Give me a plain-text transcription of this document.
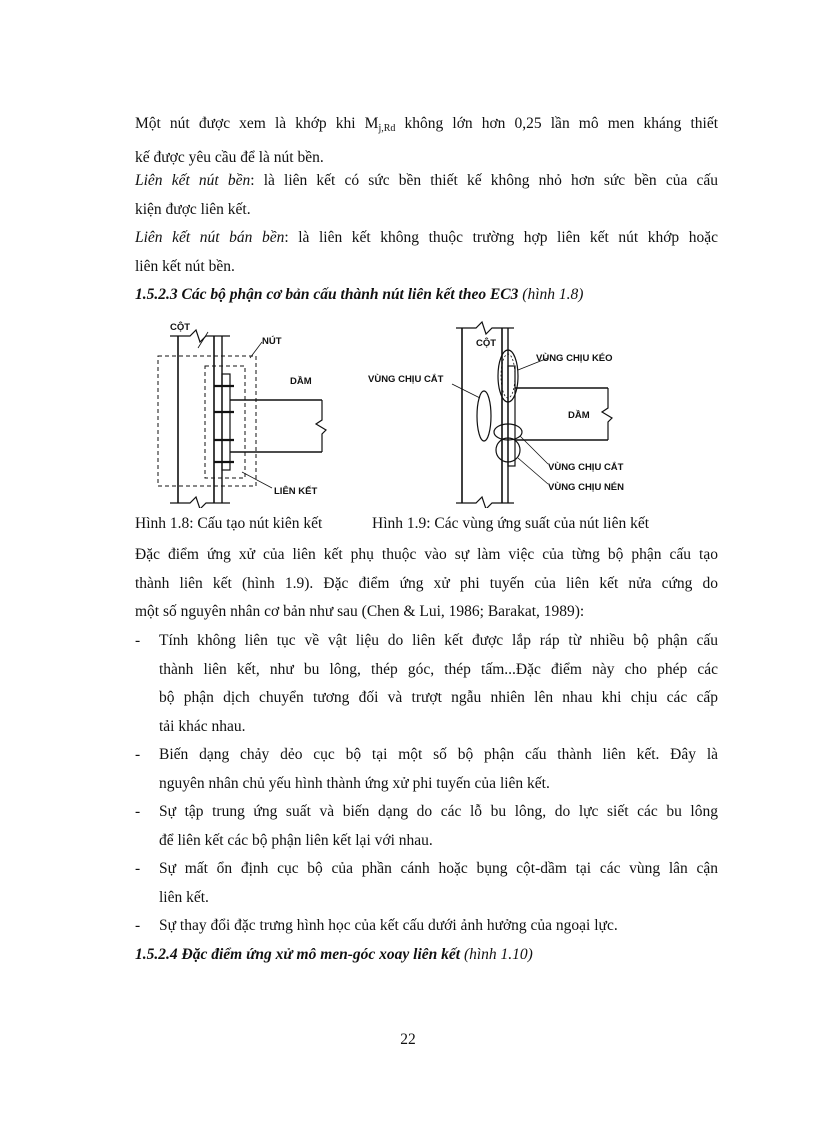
Một nút được xem là khớp khi $M_{j,Rd}$ không lớn hơn 0,25 lần mô men kháng thiết
kế được yêu cầu để là nút bền.
Liên kết nút bền: là liên kết có sức bền thiết kế không nhỏ hơn sức bền của cấu
kiện được liên kết.
Liên kết nút bán bền: là liên kết không thuộc trường hợp liên kết nút khớp hoặc
liên kết nút bền.
1.5.2.3 Các bộ phận cơ bản cấu thành nút liên kết theo EC3 (hình 1.8)
CỘT
NÚT
DẦM
LIÊN KẾT
CỘT
VÙNG CHỊU KÉO
VÙNG CHỊU CẮT
DẦM
VÙNG CHỊU CẮT
VÙNG CHỊU NÉN
Hình 1.8: Cấu tạo nút kiên kết	Hình 1.9: Các vùng ứng suất của nút liên kết
Đặc điểm ứng xử của liên kết phụ thuộc vào sự làm việc của từng bộ phận cấu tạo
thành liên kết (hình 1.9). Đặc điểm ứng xử phi tuyến của liên kết nửa cứng do
một số nguyên nhân cơ bản như sau (Chen & Lui, 1986; Barakat, 1989):
- Tính không liên tục về vật liệu do liên kết được lắp ráp từ nhiều bộ phận cấu
thành liên kết, như bu lông, thép góc, thép tấm...Đặc điểm này cho phép các
bộ phận dịch chuyển tương đối và trượt ngẫu nhiên lên nhau khi chịu các cấp
tải khác nhau.
- Biến dạng chảy dẻo cục bộ tại một số bộ phận cấu thành liên kết. Đây là
nguyên nhân chủ yếu hình thành ứng xử phi tuyến của liên kết.
- Sự tập trung ứng suất và biến dạng do các lỗ bu lông, do lực siết các bu lông
để liên kết các bộ phận liên kết lại với nhau.
- Sự mất ổn định cục bộ của phần cánh hoặc bụng cột-dầm tại các vùng lân cận
liên kết.
- Sự thay đổi đặc trưng hình học của kết cấu dưới ảnh hưởng của ngoại lực.
1.5.2.4 Đặc điểm ứng xử mô men-góc xoay liên kết (hình 1.10)
22
